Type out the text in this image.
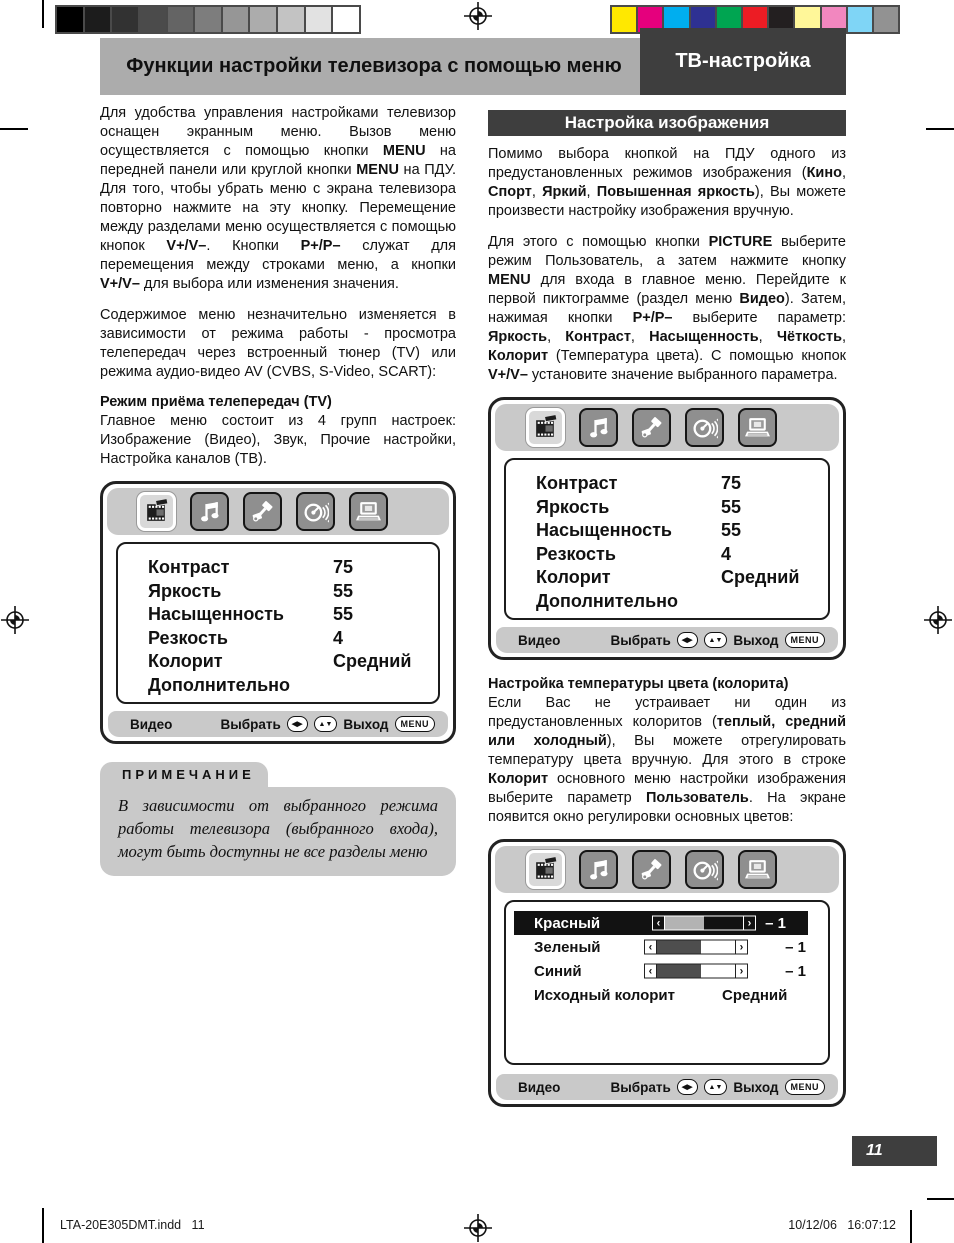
Функции настройки телевизора с помощью меню	ТВ-настройка

Для удобства управления настройками телевизор оснащен экранным меню. Вызов меню осуществляется с помощью кнопки MENU на передней панели или круглой кнопки MENU на ПДУ. Для того, чтобы убрать меню с экрана телевизора повторно нажмите на эту кнопку. Перемещение между разделами меню осуществляется с помощью кнопок V+/V–. Кнопки P+/P– служат для перемещения между строками меню, а кнопки V+/V– для выбора или изменения значения.

Содержимое меню незначительно изменяется в зависимости от режима работы - просмотра телепередач через встроенный тюнер (TV) или режима аудио-видео AV (CVBS, S-Video, SCART):

Режим приёма телепередач (TV)

Главное меню состоит из 4 групп настроек: Изображение (Видео), Звук, Прочие настройки, Настройка каналов (ТВ).

Контраст	75
Яркость	55
Насыщенность	55
Резкость	4
Колорит	Средний
Дополнительно
Видео	Выбрать	◀▶	▲▼ Выход	MENU
ПРИМЕЧАНИЕ
В зависимости от выбранного режима работы телевизора (выбранного входа), могут быть доступны не все разделы меню
Настройка изображения

Помимо выбора кнопкой на ПДУ одного из предустановленных режимов изображения (Кино, Спорт, Яркий, Повышенная яркость), Вы можете произвести настройку изображения вручную.

Для этого с помощью кнопки PICTURE выберите режим Пользователь, а затем нажмите кнопку MENU для входа в главное меню. Перейдите к первой пиктограмме (раздел меню Видео). Затем, нажимая кнопки P+/P– выберите параметр: Яркость, Контраст, Насыщенность, Чёткость, Колорит (Температура цвета). С помощью кнопок V+/V– установите значение выбранного параметра.

Контраст	75
Яркость	55
Насыщенность	55
Резкость	4
Колорит	Средний
Дополнительно
Видео	Выбрать	◀▶	▲▼ Выход	MENU
Настройка температуры цвета (колорита)

Если Вас не устраивает ни один из предустановленных колоритов (теплый, средний или холодный), Вы можете отрегулировать температуру цвета вручную. Для этого в строке Колорит основного меню настройки изображения выберите параметр Пользователь. На экране появится окно регулировки основных цветов:

Красный	‹	› – 1
Зеленый	‹	›	– 1
Синий	‹	›	– 1
Исходный колорит	Средний
Видео	Выбрать	◀▶	▲▼ Выход	MENU
11
LTA-20E305DMT.indd   11	10/12/06   16:07:12
